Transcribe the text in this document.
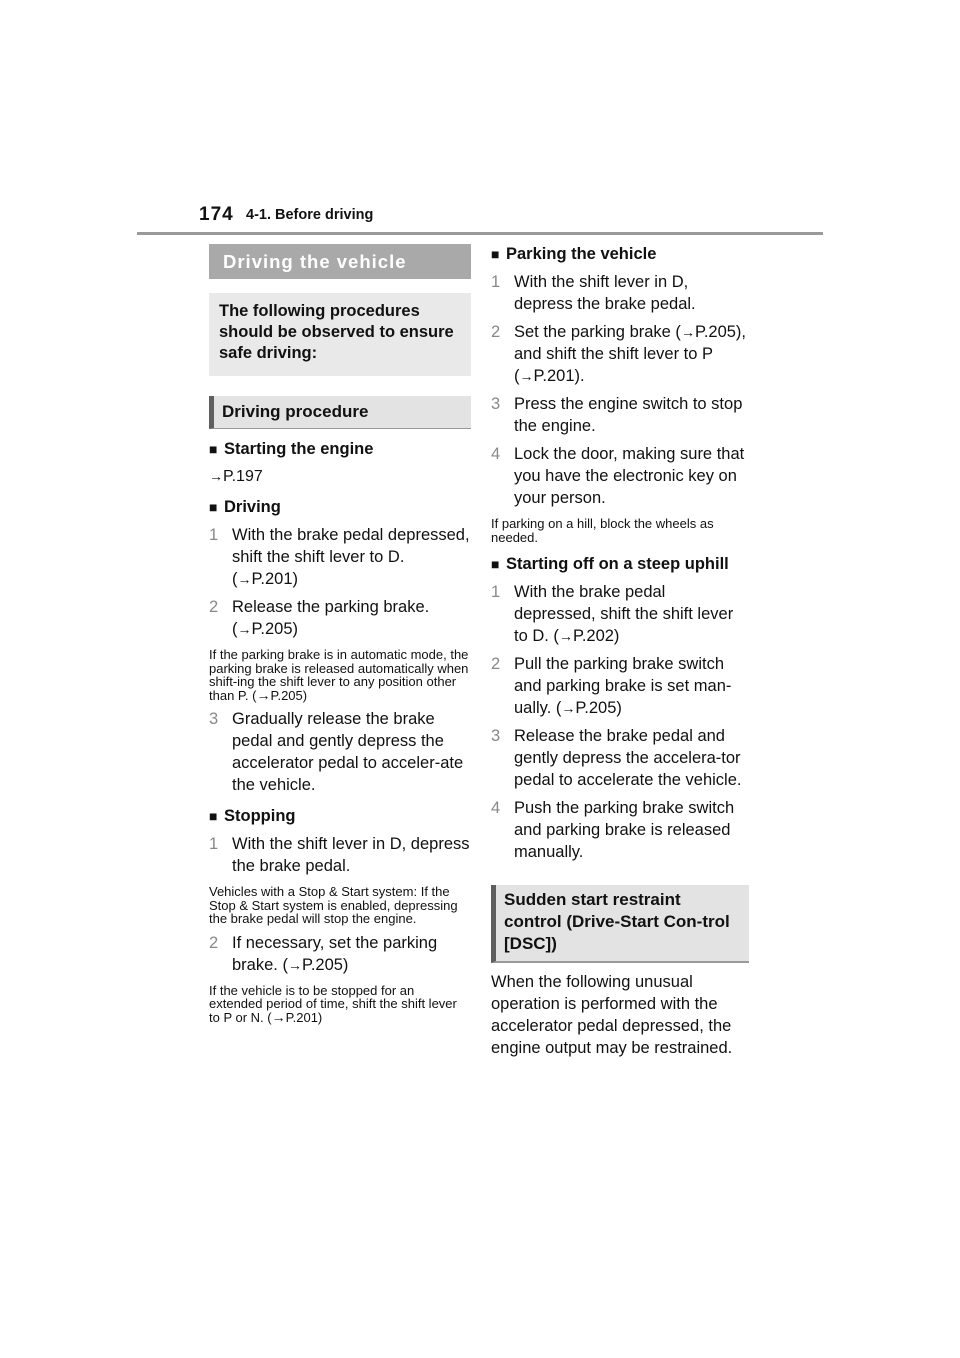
174 4-1. Before driving
Driving the vehicle
The following procedures should be observed to ensure safe driving:
Driving procedure
■ Starting the engine
→P.197
■ Driving
1 With the brake pedal depressed, shift the shift lever to D. (→P.201)
2 Release the parking brake. (→P.205)
If the parking brake is in automatic mode, the parking brake is released automatically when shift-ing the shift lever to any position other than P. (→P.205)
3 Gradually release the brake pedal and gently depress the accelerator pedal to acceler-ate the vehicle.
■ Stopping
1 With the shift lever in D, depress the brake pedal.
Vehicles with a Stop & Start system: If the Stop & Start system is enabled, depressing the brake pedal will stop the engine.
2 If necessary, set the parking brake. (→P.205)
If the vehicle is to be stopped for an extended period of time, shift the shift lever to P or N. (→P.201)
■ Parking the vehicle
1 With the shift lever in D, depress the brake pedal.
2 Set the parking brake (→P.205), and shift the shift lever to P (→P.201).
3 Press the engine switch to stop the engine.
4 Lock the door, making sure that you have the electronic key on your person.
If parking on a hill, block the wheels as needed.
■ Starting off on a steep uphill
1 With the brake pedal depressed, shift the shift lever to D. (→P.202)
2 Pull the parking brake switch and parking brake is set man-ually. (→P.205)
3 Release the brake pedal and gently depress the accelera-tor pedal to accelerate the vehicle.
4 Push the parking brake switch and parking brake is released manually.
Sudden start restraint control (Drive-Start Con-trol [DSC])
When the following unusual operation is performed with the accelerator pedal depressed, the engine output may be restrained.
